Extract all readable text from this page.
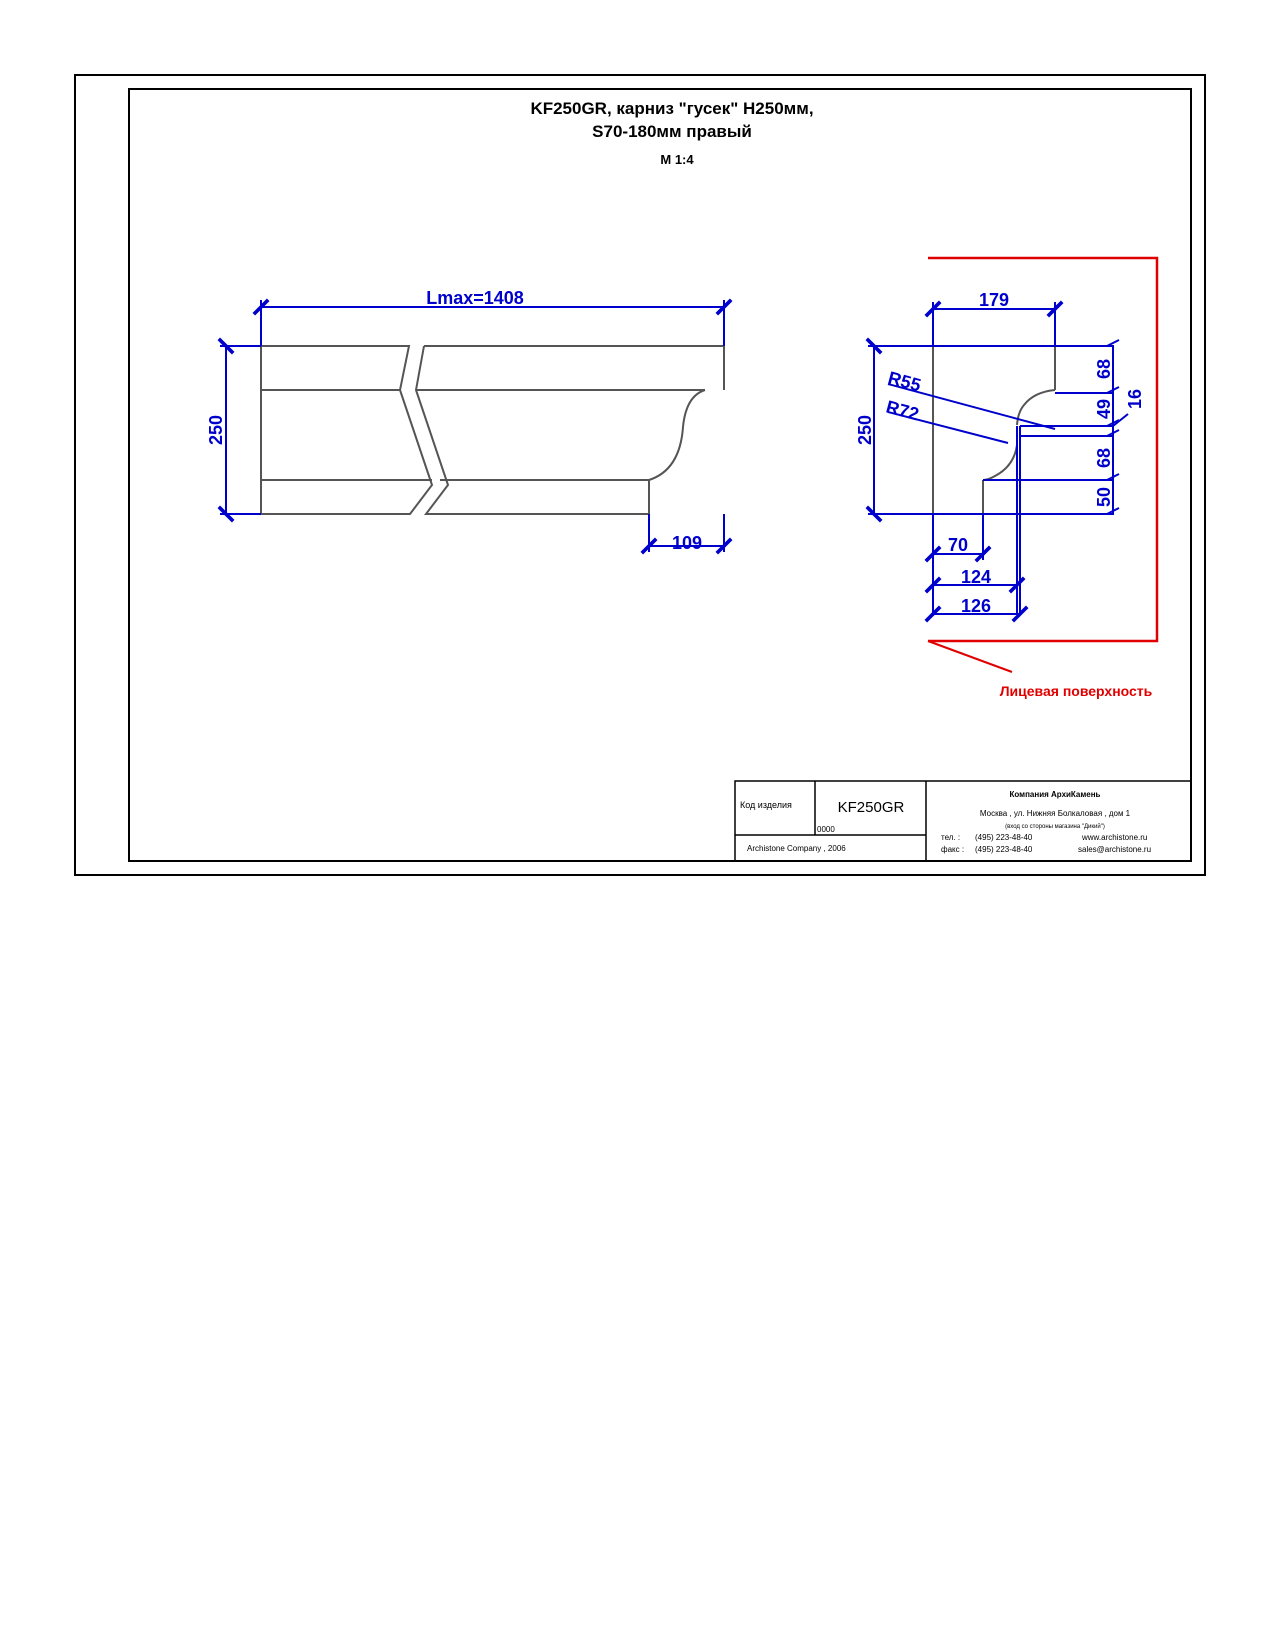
KF250GR, карниз "гусек" H250мм,
S70-180мм правый
М 1:4
Lmax=1408
250
109
179
250
R55
R72
68
49
68
50
16
70
124
126
Лицевая поверхность
Код изделия	KF250GR
0000
Archistone Company , 2006
Компания АрхиКамень
Москва , ул. Нижняя Болкаловая , дом 1
(вход со стороны магазина "Дикий")
тел. : (495) 223-48-40
факс : (495) 223-48-40
www.archistone.ru
sales@archistone.ru
